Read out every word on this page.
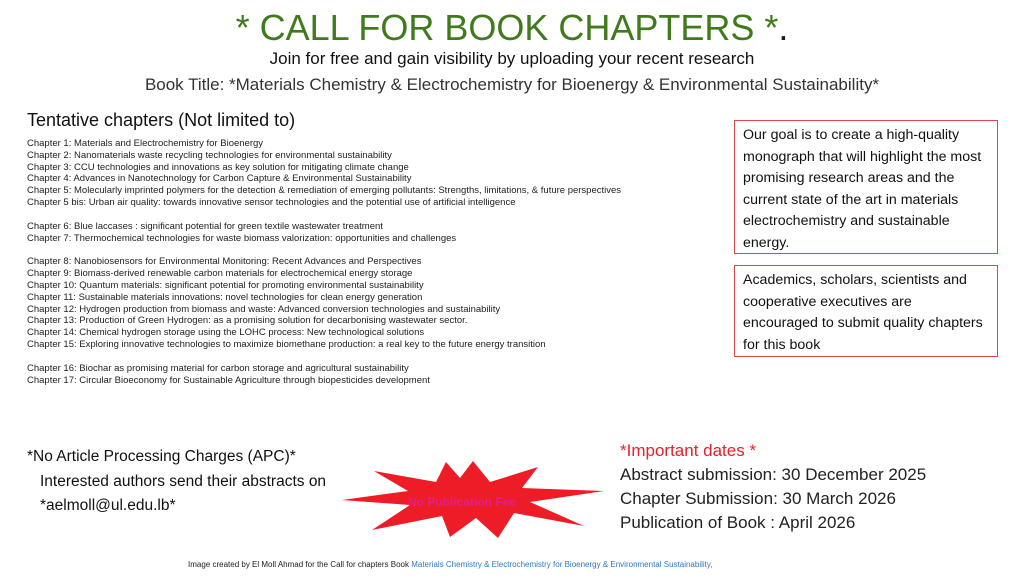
* CALL FOR BOOK CHAPTERS *.
Join for free and gain visibility by uploading your recent research
Book Title: *Materials Chemistry & Electrochemistry for Bioenergy & Environmental Sustainability*
Tentative chapters (Not limited to)
Chapter 1: Materials and Electrochemistry for Bioenergy
Chapter 2: Nanomaterials waste recycling technologies for environmental sustainability
Chapter 3: CCU technologies and innovations as key solution for mitigating climate change
Chapter 4: Advances in Nanotechnology for Carbon Capture & Environmental Sustainability
Chapter 5: Molecularly imprinted polymers for the detection & remediation of emerging pollutants: Strengths, limitations, & future perspectives
Chapter 5 bis: Urban air quality: towards innovative sensor technologies and the potential use of artificial intelligence
Chapter 6: Blue laccases : significant potential for green textile wastewater treatment
Chapter 7: Thermochemical technologies for waste biomass valorization: opportunities and challenges
Chapter 8: Nanobiosensors for Environmental Monitoring: Recent Advances and Perspectives
Chapter 9: Biomass-derived renewable carbon materials for electrochemical energy storage
Chapter 10: Quantum materials: significant potential for promoting environmental sustainability
Chapter 11: Sustainable materials innovations: novel technologies for clean energy generation
Chapter 12: Hydrogen production from biomass and waste: Advanced conversion technologies and sustainability
Chapter 13: Production of Green Hydrogen: as a promising solution for decarbonising wastewater sector.
Chapter 14: Chemical hydrogen storage using the LOHC process: New technological solutions
Chapter 15: Exploring innovative technologies to maximize biomethane production: a real key to the future energy transition
Chapter 16: Biochar as promising material for carbon storage and agricultural sustainability
Chapter 17: Circular Bioeconomy for Sustainable Agriculture through biopesticides development
Our goal is to create a high-quality monograph that will highlight the most promising research areas and the current state of the art in materials electrochemistry and sustainable energy.
Academics, scholars, scientists and cooperative executives are encouraged to submit quality chapters for this book
*No Article Processing Charges (APC)*
Interested authors send their abstracts on
*aelmoll@ul.edu.lb*	No Publication Fee
*Important dates *
Abstract submission: 30 December 2025
Chapter Submission: 30 March 2026
Publication of Book : April 2026
Image created by El Moll Ahmad for the Call for chapters Book Materials Chemistry & Electrochemistry for Bioenergy & Environmental Sustainability,
